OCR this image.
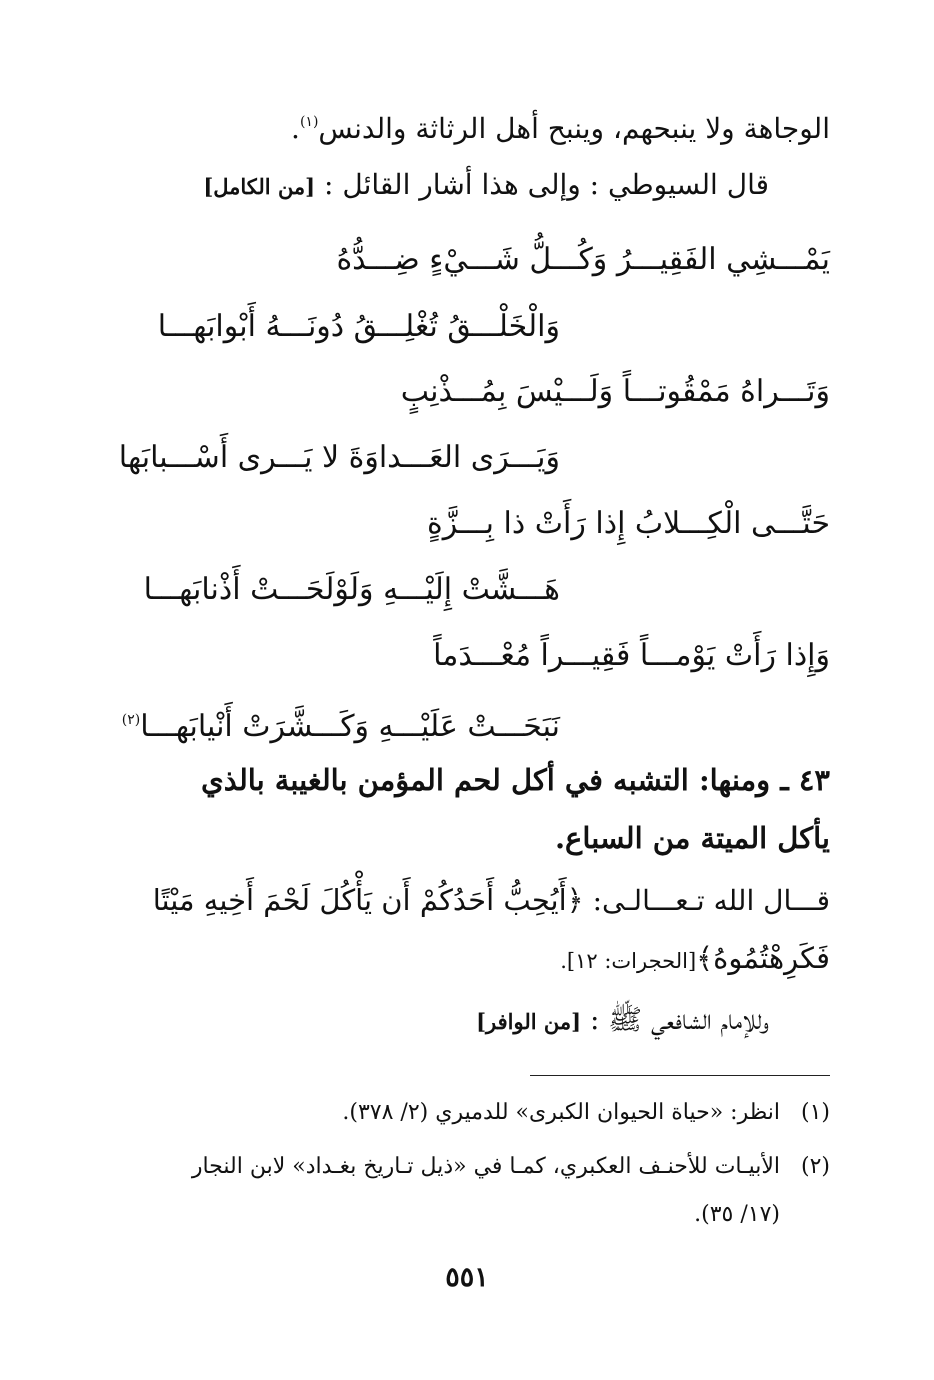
الوجاهة ولا ينبحهم، وينبح أهل الرثاثة والدنس$^{(١)}$.
قال السيوطي : وإلى هذا أشار القائل : [من الكامل]
يَمْـــشِي الفَقِيـــرُ وَكُـــلُّ شَـــيْءٍ ضِـــدُّهُ
وَالْخَلْـــقُ تُغْلِـــقُ دُونَـــهُ أَبْوابَهـــا
وَتَـــراهُ مَمْقُوتـــاً وَلَـــيْسَ بِمُـــذْنِبٍ
وَيَـــرَى العَـــداوَةَ لا يَـــرى أَسْـــبابَها
حَتَّـــى الْكِـــلابُ إِذا رَأَتْ ذا بِـــزَّةٍ
هَـــشَّتْ إِلَيْـــهِ وَلَوْلَحَـــتْ أَذْنابَهـــا
وَإِذا رَأَتْ يَوْمـــاً فَقِيـــراً مُعْـــدَماً
نَبَحَـــتْ عَلَيْـــهِ وَكَـــشَّرَتْ أَنْيابَهـــا$^{(٢)}$
٤٣ ـ ومنها: التشبه في أكل لحم المؤمن بالغيبة بالذي
يأكل الميتة من السباع.
قـــال الله تـعـــالـى: ﴿أَيُحِبُّ أَحَدُكُمْ أَن يَأْكُلَ لَحْمَ أَخِيهِ مَيْتًا
فَكَرِهْتُمُوهُ﴾[الحجرات: ١٢].
وللإمام الشافعي ﷺ : [من الوافر]
(١)انظر: «حياة الحيوان الكبرى» للدميري (٢/ ٣٧٨).
(٢)الأبيـات للأحنـف العكبري، كمـا في «ذيل تـاريخ بغـداد» لابن النجار
(١٧/ ٣٥).
٥٥١
